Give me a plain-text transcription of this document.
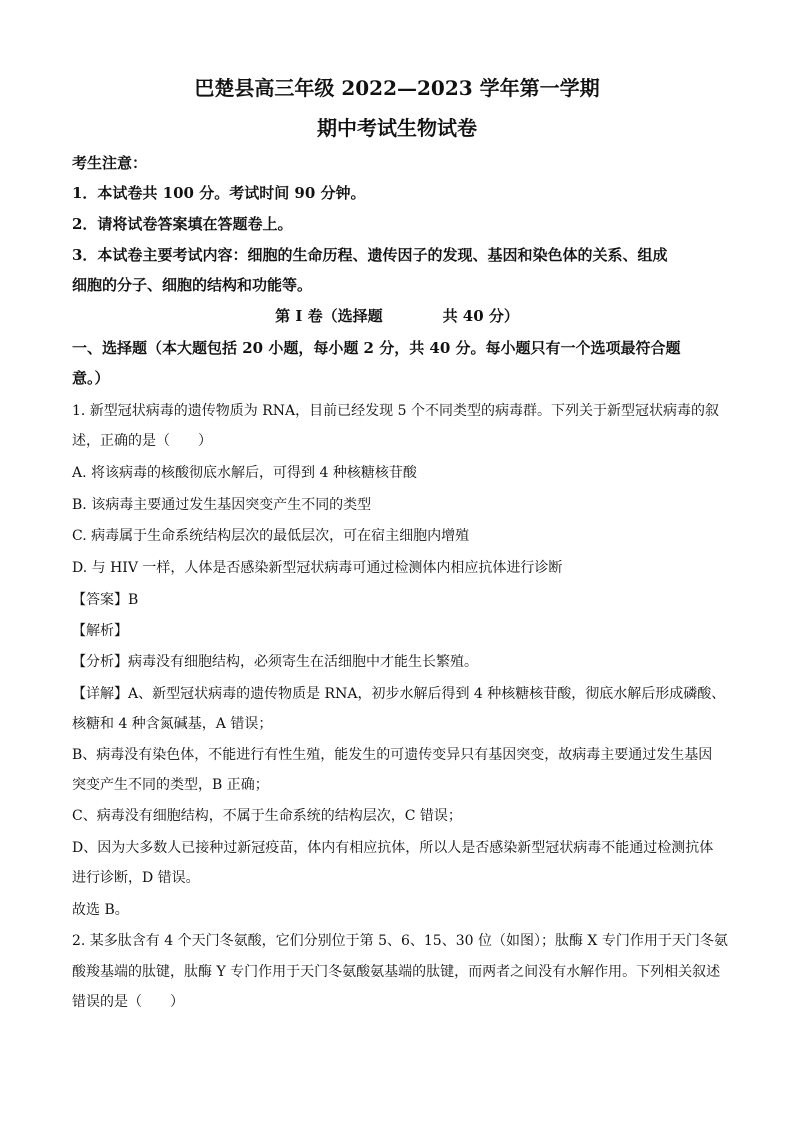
巴楚县高三年级 2022—2023 学年第一学期
期中考试生物试卷
考生注意：
1．本试卷共 100 分。考试时间 90 分钟。
2．请将试卷答案填在答题卷上。
3．本试卷主要考试内容：细胞的生命历程、遗传因子的发现、基因和染色体的关系、组成
细胞的分子、细胞的结构和功能等。
第 I 卷（选择题　　　　共 40 分）
一、选择题（本大题包括 20 小题，每小题 2 分，共 40 分。每小题只有一个选项最符合题
意。）
1. 新型冠状病毒的遗传物质为 RNA，目前已经发现 5 个不同类型的病毒群。下列关于新型冠状病毒的叙
述，正确的是（　　）
A. 将该病毒的核酸彻底水解后，可得到 4 种核糖核苷酸
B. 该病毒主要通过发生基因突变产生不同的类型
C. 病毒属于生命系统结构层次的最低层次，可在宿主细胞内增殖
D. 与 HIV 一样，人体是否感染新型冠状病毒可通过检测体内相应抗体进行诊断
【答案】B
【解析】
【分析】病毒没有细胞结构，必须寄生在活细胞中才能生长繁殖。
【详解】A、新型冠状病毒的遗传物质是 RNA，初步水解后得到 4 种核糖核苷酸，彻底水解后形成磷酸、
核糖和 4 种含氮碱基，A 错误；
B、病毒没有染色体，不能进行有性生殖，能发生的可遗传变异只有基因突变，故病毒主要通过发生基因
突变产生不同的类型，B 正确；
C、病毒没有细胞结构，不属于生命系统的结构层次，C 错误；
D、因为大多数人已接种过新冠疫苗，体内有相应抗体，所以人是否感染新型冠状病毒不能通过检测抗体
进行诊断，D 错误。
故选 B。
2. 某多肽含有 4 个天门冬氨酸，它们分别位于第 5、6、15、30 位（如图）；肽酶 X 专门作用于天门冬氨
酸羧基端的肽键，肽酶 Y 专门作用于天门冬氨酸氨基端的肽键，而两者之间没有水解作用。下列相关叙述
错误的是（　　）
